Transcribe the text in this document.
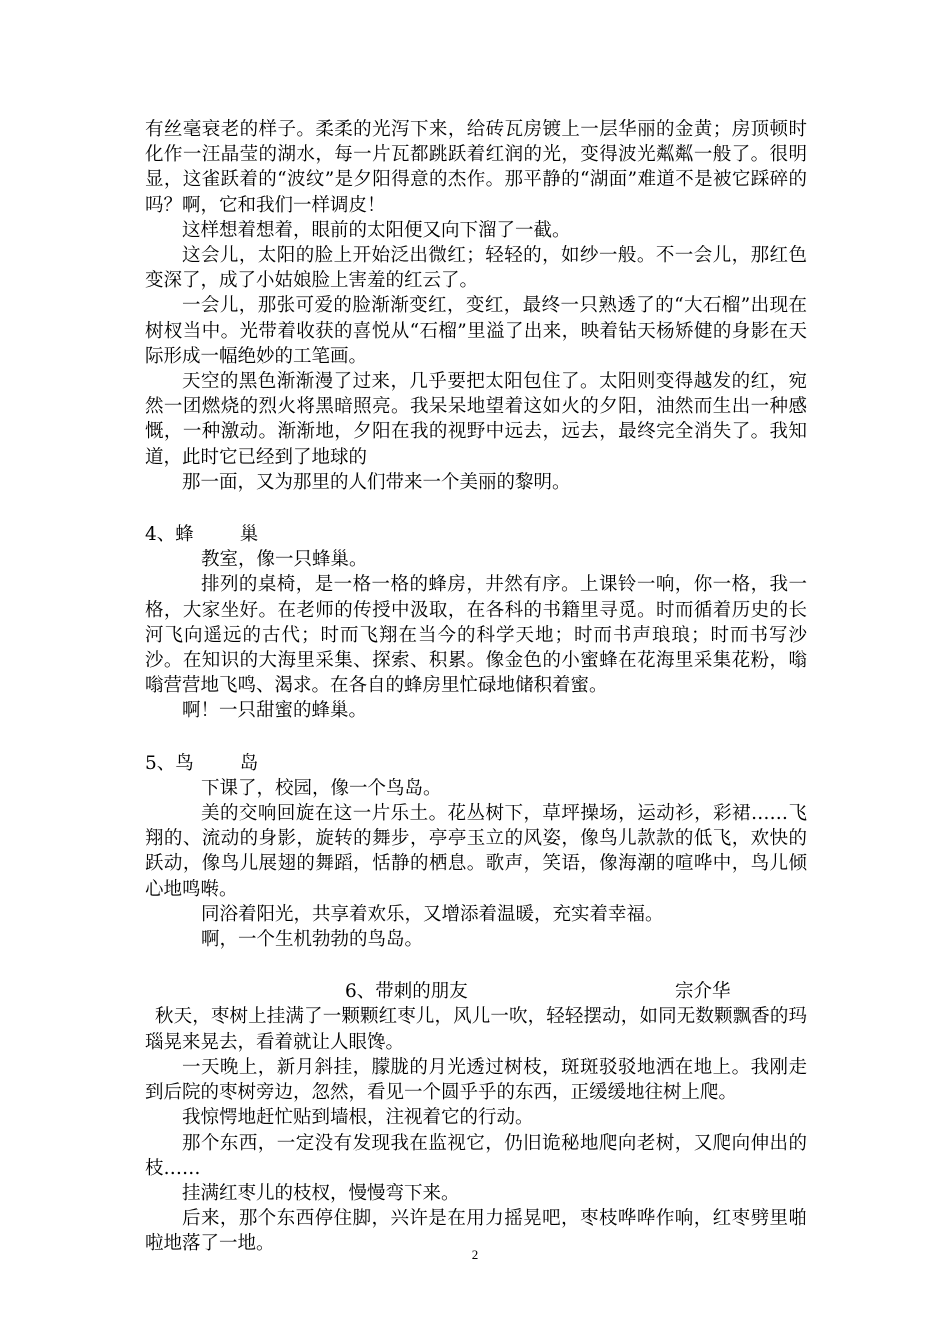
有丝毫衰老的样子。柔柔的光泻下来，给砖瓦房镀上一层华丽的金黄；房顶顿时化作一汪晶莹的湖水，每一片瓦都跳跃着红润的光，变得波光粼粼一般了。很明显，这雀跃着的“波纹”是夕阳得意的杰作。那平静的“湖面”难道不是被它踩碎的吗？啊，它和我们一样调皮！

这样想着想着，眼前的太阳便又向下溜了一截。

这会儿，太阳的脸上开始泛出微红；轻轻的，如纱一般。不一会儿，那红色变深了，成了小姑娘脸上害羞的红云了。

一会儿，那张可爱的脸渐渐变红，变红，最终一只熟透了的“大石榴”出现在树杈当中。光带着收获的喜悦从“石榴”里溢了出来，映着钻天杨矫健的身影在天际形成一幅绝妙的工笔画。

天空的黑色渐渐漫了过来，几乎要把太阳包住了。太阳则变得越发的红，宛然一团燃烧的烈火将黑暗照亮。我呆呆地望着这如火的夕阳，油然而生出一种感慨，一种激动。渐渐地，夕阳在我的视野中远去，远去，最终完全消失了。我知道，此时它已经到了地球的

那一面，又为那里的人们带来一个美丽的黎明。

4、蜂 巢

教室，像一只蜂巢。

排列的桌椅，是一格一格的蜂房，井然有序。上课铃一响，你一格，我一格，大家坐好。在老师的传授中汲取，在各科的书籍里寻觅。时而循着历史的长河飞向遥远的古代；时而飞翔在当今的科学天地；时而书声琅琅；时而书写沙沙。在知识的大海里采集、探索、积累。像金色的小蜜蜂在花海里采集花粉，嗡嗡营营地飞鸣、渴求。在各自的蜂房里忙碌地储积着蜜。

啊！一只甜蜜的蜂巢。

5、鸟 岛

下课了，校园，像一个鸟岛。

美的交响回旋在这一片乐土。花丛树下，草坪操场，运动衫，彩裙……飞翔的、流动的身影，旋转的舞步，亭亭玉立的风姿，像鸟儿款款的低飞，欢快的跃动，像鸟儿展翅的舞蹈，恬静的栖息。歌声，笑语，像海潮的喧哗中，鸟儿倾心地鸣啭。

同浴着阳光，共享着欢乐，又增添着温暖，充实着幸福。

啊，一个生机勃勃的鸟岛。

6、带刺的朋友	宗介华

秋天，枣树上挂满了一颗颗红枣儿，风儿一吹，轻轻摆动，如同无数颗飘香的玛瑙晃来晃去，看着就让人眼馋。

一天晚上，新月斜挂，朦胧的月光透过树枝，斑斑驳驳地洒在地上。我刚走到后院的枣树旁边，忽然，看见一个圆乎乎的东西，正缓缓地往树上爬。

我惊愕地赶忙贴到墙根，注视着它的行动。

那个东西，一定没有发现我在监视它，仍旧诡秘地爬向老树，又爬向伸出的枝……

挂满红枣儿的枝杈，慢慢弯下来。

后来，那个东西停住脚，兴许是在用力摇晃吧，枣枝哗哗作响，红枣劈里啪啦地落了一地。

2
